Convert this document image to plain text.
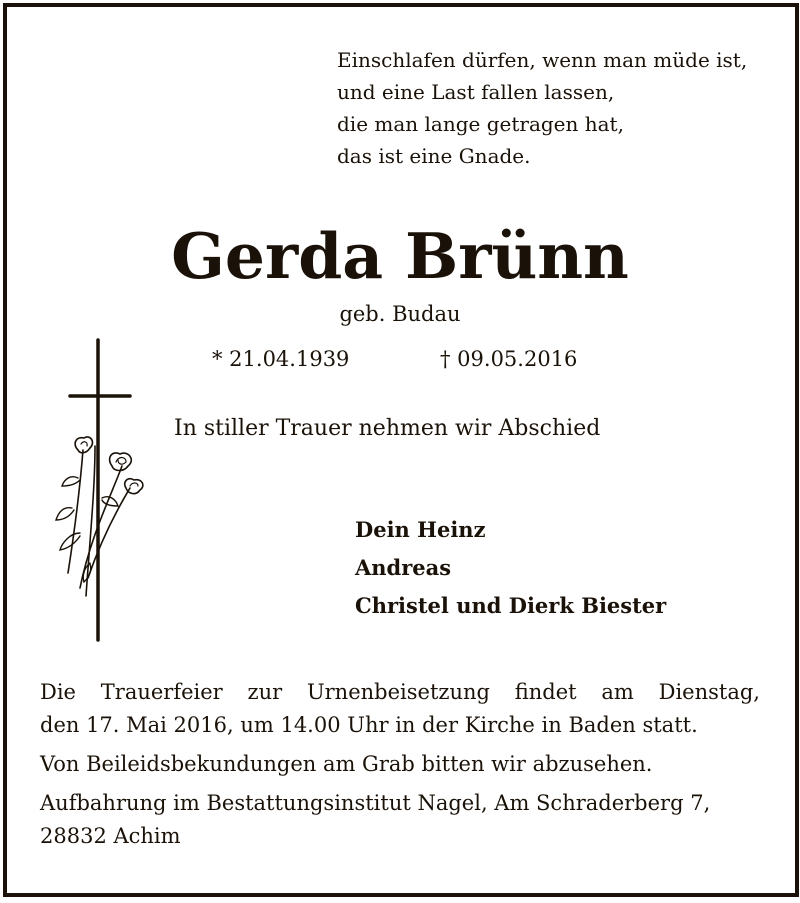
Einschlafen dürfen, wenn man müde ist,
und eine Last fallen lassen,
die man lange getragen hat,
das ist eine Gnade.
Gerda Brünn
geb. Budau
* 21.04.1939	† 09.05.2016
In stiller Trauer nehmen wir Abschied
Dein Heinz
Andreas
Christel und Dierk Biester
Die Trauerfeier zur Urnenbeisetzung findet am Dienstag,
den 17. Mai 2016, um 14.00 Uhr in der Kirche in Baden statt.
Von Beileidsbekundungen am Grab bitten wir abzusehen.
Aufbahrung im Bestattungsinstitut Nagel, Am Schraderberg 7,
28832 Achim
